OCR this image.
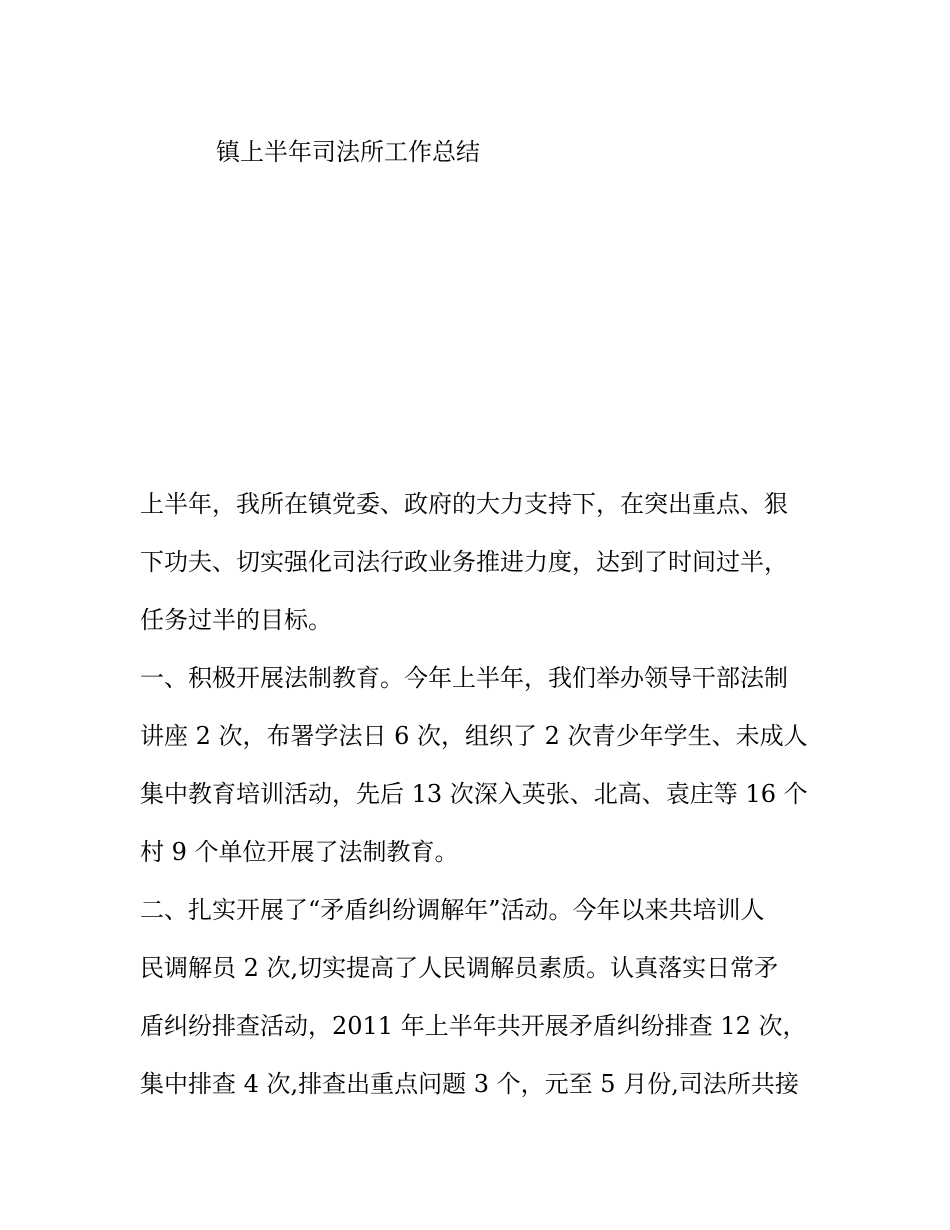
镇上半年司法所工作总结

上半年，我所在镇党委、政府的大力支持下，在突出重点、狠

下功夫、切实强化司法行政业务推进力度，达到了时间过半，

任务过半的目标。

一、积极开展法制教育。今年上半年，我们举办领导干部法制

讲座 2 次，布署学法日 6 次，组织了 2 次青少年学生、未成人

集中教育培训活动，先后 13 次深入英张、北高、袁庄等 16 个

村 9 个单位开展了法制教育。

二、扎实开展了“矛盾纠纷调解年”活动。今年以来共培训人

民调解员 2 次,切实提高了人民调解员素质。认真落实日常矛

盾纠纷排查活动，2011 年上半年共开展矛盾纠纷排查 12 次，

集中排查 4 次,排查出重点问题 3 个，元至 5 月份,司法所共接
